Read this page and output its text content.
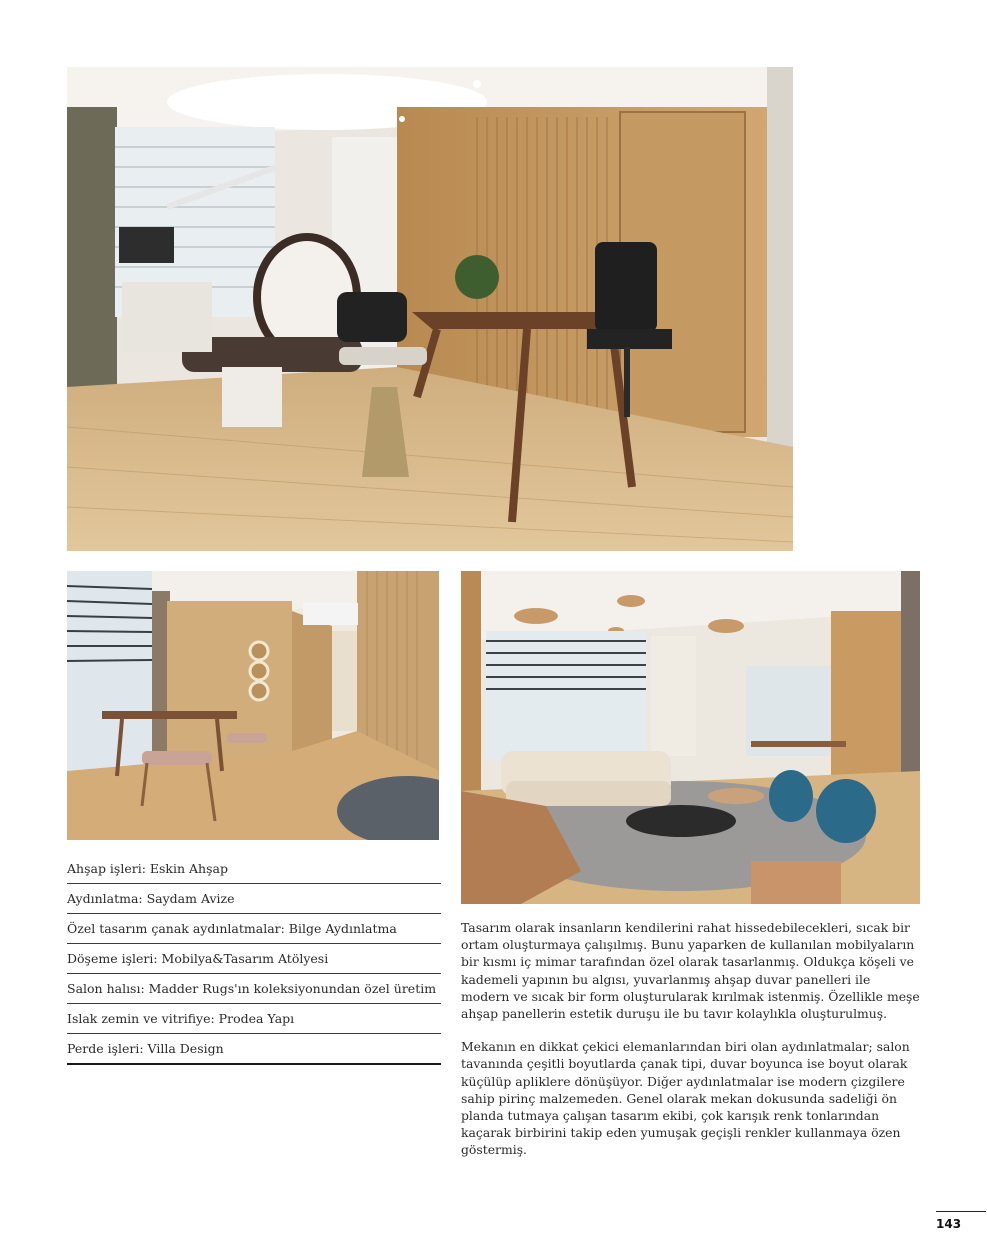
Ahşap işleri: Eskin Ahşap
Aydınlatma: Saydam Avize
Özel tasarım çanak aydınlatmalar: Bilge Aydınlatma
Döşeme işleri: Mobilya&Tasarım Atölyesi
Salon halısı: Madder Rugs'ın koleksiyonundan özel üretim
Islak zemin ve vitrifiye: Prodea Yapı
Perde işleri: Villa Design

Tasarım olarak insanların kendilerini rahat hissedebilecekleri, sıcak bir ortam oluşturmaya çalışılmış. Bunu yaparken de kullanılan mobilyaların bir kısmı iç mimar tarafından özel olarak tasarlanmış. Oldukça köşeli ve kademeli yapının bu algısı, yuvarlanmış ahşap duvar panelleri ile modern ve sıcak bir form oluşturularak kırılmak istenmiş. Özellikle meşe ahşap panellerin estetik duruşu ile bu tavır kolaylıkla oluşturulmuş.

Mekanın en dikkat çekici elemanlarından biri olan aydınlatmalar; salon tavanında çeşitli boyutlarda çanak tipi, duvar boyunca ise boyut olarak küçülüp apliklere dönüşüyor. Diğer aydınlatmalar ise modern çizgilere sahip pirinç malzemeden. Genel olarak mekan dokusunda sadeliği ön planda tutmaya çalışan tasarım ekibi, çok karışık renk tonlarından kaçarak birbirini takip eden yumuşak geçişli renkler kullanmaya özen göstermiş.

143
